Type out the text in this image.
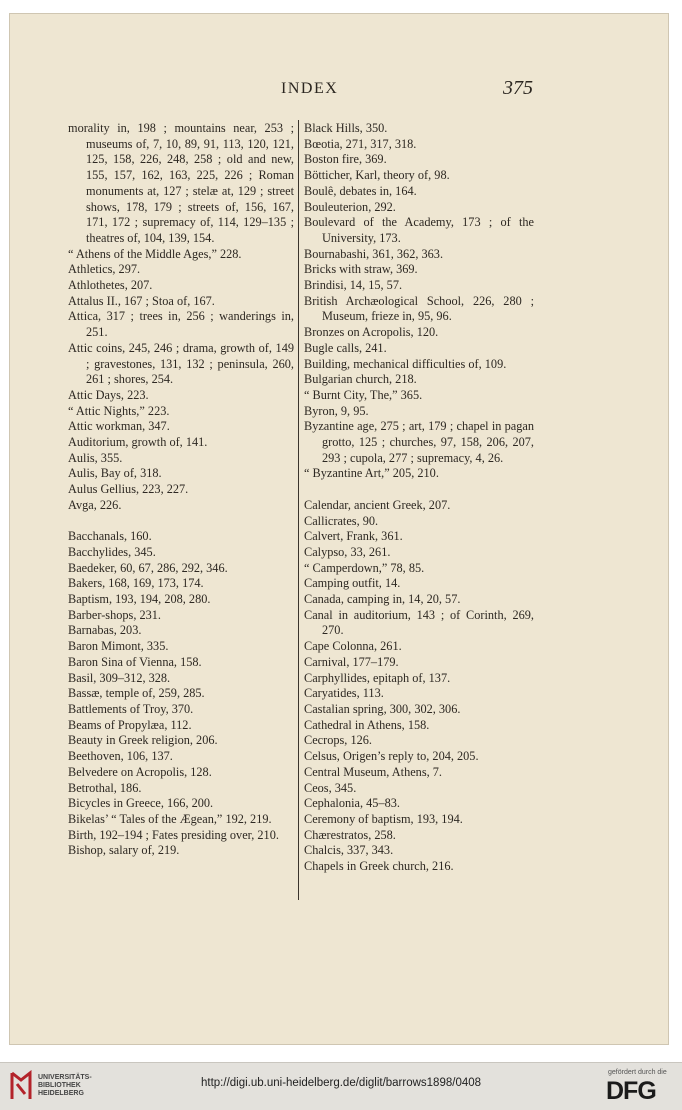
INDEX	375

morality in, 198 ; mountains near, 253 ; museums of, 7, 10, 89, 91, 113, 120, 121, 125, 158, 226, 248, 258 ; old and new, 155, 157, 162, 163, 225, 226 ; Roman monuments at, 127 ; stelæ at, 129 ; street shows, 178, 179 ; streets of, 156, 167, 171, 172 ; supremacy of, 114, 129–135 ; theatres of, 104, 139, 154.

“ Athens of the Middle Ages,” 228.

Athletics, 297.

Athlothetes, 207.

Attalus II., 167 ; Stoa of, 167.

Attica, 317 ; trees in, 256 ; wanderings in, 251.

Attic coins, 245, 246 ; drama, growth of, 149 ; gravestones, 131, 132 ; peninsula, 260, 261 ; shores, 254.

Attic Days, 223.

“ Attic Nights,” 223.

Attic workman, 347.

Auditorium, growth of, 141.

Aulis, 355.

Aulis, Bay of, 318.

Aulus Gellius, 223, 227.

Avga, 226.

Bacchanals, 160.

Bacchylides, 345.

Baedeker, 60, 67, 286, 292, 346.

Bakers, 168, 169, 173, 174.

Baptism, 193, 194, 208, 280.

Barber-shops, 231.

Barnabas, 203.

Baron Mimont, 335.

Baron Sina of Vienna, 158.

Basil, 309–312, 328.

Bassæ, temple of, 259, 285.

Battlements of Troy, 370.

Beams of Propylæa, 112.

Beauty in Greek religion, 206.

Beethoven, 106, 137.

Belvedere on Acropolis, 128.

Betrothal, 186.

Bicycles in Greece, 166, 200.

Bikelas’ “ Tales of the Ægean,” 192, 219.

Birth, 192–194 ; Fates presiding over, 210.

Bishop, salary of, 219.

Black Hills, 350.

Bœotia, 271, 317, 318.

Boston fire, 369.

Bötticher, Karl, theory of, 98.

Boulê, debates in, 164.

Bouleuterion, 292.

Boulevard of the Academy, 173 ; of the University, 173.

Bournabashi, 361, 362, 363.

Bricks with straw, 369.

Brindisi, 14, 15, 57.

British Archæological School, 226, 280 ; Museum, frieze in, 95, 96.

Bronzes on Acropolis, 120.

Bugle calls, 241.

Building, mechanical difficulties of, 109.

Bulgarian church, 218.

“ Burnt City, The,” 365.

Byron, 9, 95.

Byzantine age, 275 ; art, 179 ; chapel in pagan grotto, 125 ; churches, 97, 158, 206, 207, 293 ; cupola, 277 ; supremacy, 4, 26.

“ Byzantine Art,” 205, 210.

Calendar, ancient Greek, 207.

Callicrates, 90.

Calvert, Frank, 361.

Calypso, 33, 261.

“ Camperdown,” 78, 85.

Camping outfit, 14.

Canada, camping in, 14, 20, 57.

Canal in auditorium, 143 ; of Corinth, 269, 270.

Cape Colonna, 261.

Carnival, 177–179.

Carphyllides, epitaph of, 137.

Caryatides, 113.

Castalian spring, 300, 302, 306.

Cathedral in Athens, 158.

Cecrops, 126.

Celsus, Origen’s reply to, 204, 205.

Central Museum, Athens, 7.

Ceos, 345.

Cephalonia, 45–83.

Ceremony of baptism, 193, 194.

Chærestratos, 258.

Chalcis, 337, 343.

Chapels in Greek church, 216.

UNIVERSITÄTS-
BIBLIOTHEK
HEIDELBERG
http://digi.ub.uni-heidelberg.de/diglit/barrows1898/0408
gefördert durch die
DFG
